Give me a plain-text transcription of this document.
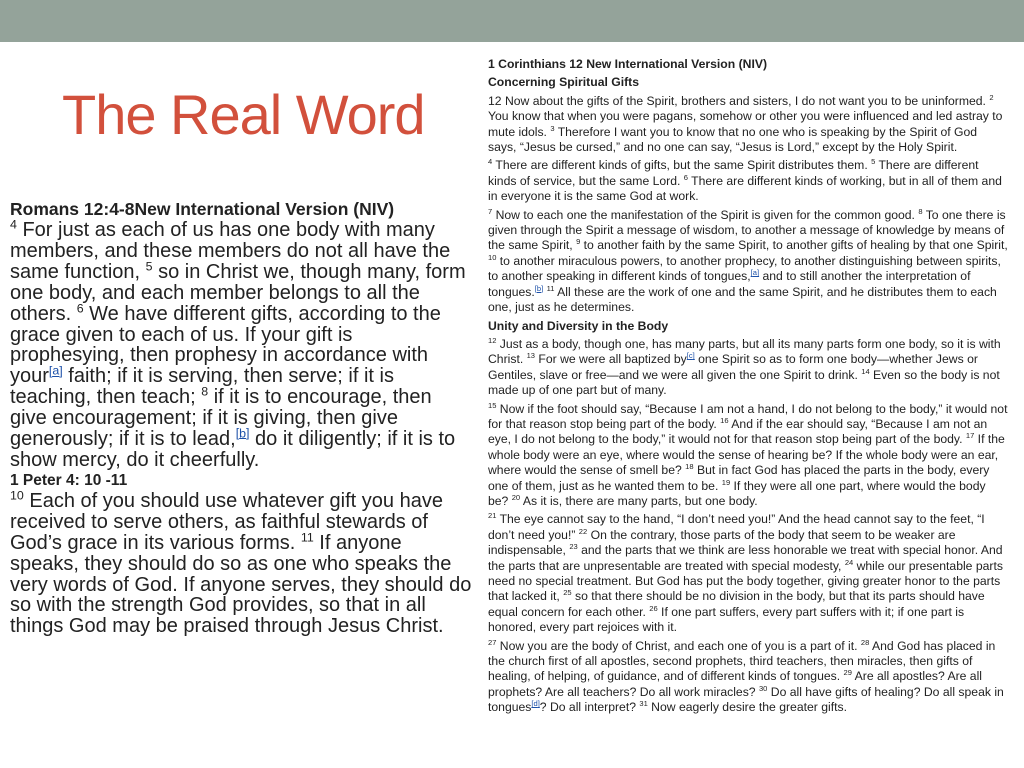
The Real Word
Romans 12:4-8New International Version (NIV)

$^4$ For just as each of us has one body with many members, and these members do not all have the same function, $^5$ so in Christ we, though many, form one body, and each member belongs to all the others. $^6$ We have different gifts, according to the grace given to each of us. If your gift is prophesying, then prophesy in accordance with your [ $^a$ ] faith; if it is serving, then serve; if it is teaching, then teach; $^8$ if it is to encourage, then give encouragement; if it is giving, then give generously; if it is to lead, [ $^b$ ] do it diligently; if it is to show mercy, do it cheerfully.

1 Peter 4: 10 -11

$^{10}$ Each of you should use whatever gift you have received to serve others, as faithful stewards of God’s grace in its various forms. $^{11}$ If anyone speaks, they should do so as one who speaks the very words of God. If anyone serves, they should do so with the strength God provides, so that in all things God may be praised through Jesus Christ.

1 Corinthians 12 New International Version (NIV)

Concerning Spiritual Gifts

12 Now about the gifts of the Spirit, brothers and sisters, I do not want you to be uninformed. $^2$ You know that when you were pagans, somehow or other you were influenced and led astray to mute idols. $^3$ Therefore I want you to know that no one who is speaking by the Spirit of God says, “Jesus be cursed,” and no one can say, “Jesus is Lord,” except by the Holy Spirit.

$^4$ There are different kinds of gifts, but the same Spirit distributes them. $^5$ There are different kinds of service, but the same Lord. $^6$ There are different kinds of working, but in all of them and in everyone it is the same God at work.

$^7$ Now to each one the manifestation of the Spirit is given for the common good. $^8$ To one there is given through the Spirit a message of wisdom, to another a message of knowledge by means of the same Spirit, $^9$ to another faith by the same Spirit, to another gifts of healing by that one Spirit, $^{10}$ to another miraculous powers, to another prophecy, to another distinguishing between spirits, to another speaking in different kinds of tongues, [ $^a$ ] and to still another the interpretation of tongues. [ $^b$ ] $^{11}$ All these are the work of one and the same Spirit, and he distributes them to each one, just as he determines.

Unity and Diversity in the Body

$^{12}$ Just as a body, though one, has many parts, but all its many parts form one body, so it is with Christ. $^{13}$ For we were all baptized by [ $^c$ ] one Spirit so as to form one body—whether Jews or Gentiles, slave or free—and we were all given the one Spirit to drink. $^{14}$ Even so the body is not made up of one part but of many.

$^{15}$ Now if the foot should say, “Because I am not a hand, I do not belong to the body,” it would not for that reason stop being part of the body. $^{16}$ And if the ear should say, “Because I am not an eye, I do not belong to the body,” it would not for that reason stop being part of the body. $^{17}$ If the whole body were an eye, where would the sense of hearing be? If the whole body were an ear, where would the sense of smell be? $^{18}$ But in fact God has placed the parts in the body, every one of them, just as he wanted them to be. $^{19}$ If they were all one part, where would the body be? $^{20}$ As it is, there are many parts, but one body.

$^{21}$ The eye cannot say to the hand, “I don’t need you!” And the head cannot say to the feet, “I don’t need you!” $^{22}$ On the contrary, those parts of the body that seem to be weaker are indispensable, $^{23}$ and the parts that we think are less honorable we treat with special honor. And the parts that are unpresentable are treated with special modesty, $^{24}$ while our presentable parts need no special treatment. But God has put the body together, giving greater honor to the parts that lacked it, $^{25}$ so that there should be no division in the body, but that its parts should have equal concern for each other. $^{26}$ If one part suffers, every part suffers with it; if one part is honored, every part rejoices with it.

$^{27}$ Now you are the body of Christ, and each one of you is a part of it. $^{28}$ And God has placed in the church first of all apostles, second prophets, third teachers, then miracles, then gifts of healing, of helping, of guidance, and of different kinds of tongues. $^{29}$ Are all apostles? Are all prophets? Are all teachers? Do all work miracles? $^{30}$ Do all have gifts of healing? Do all speak in tongues [ $^d$ ] ? Do all interpret? $^{31}$ Now eagerly desire the greater gifts.
